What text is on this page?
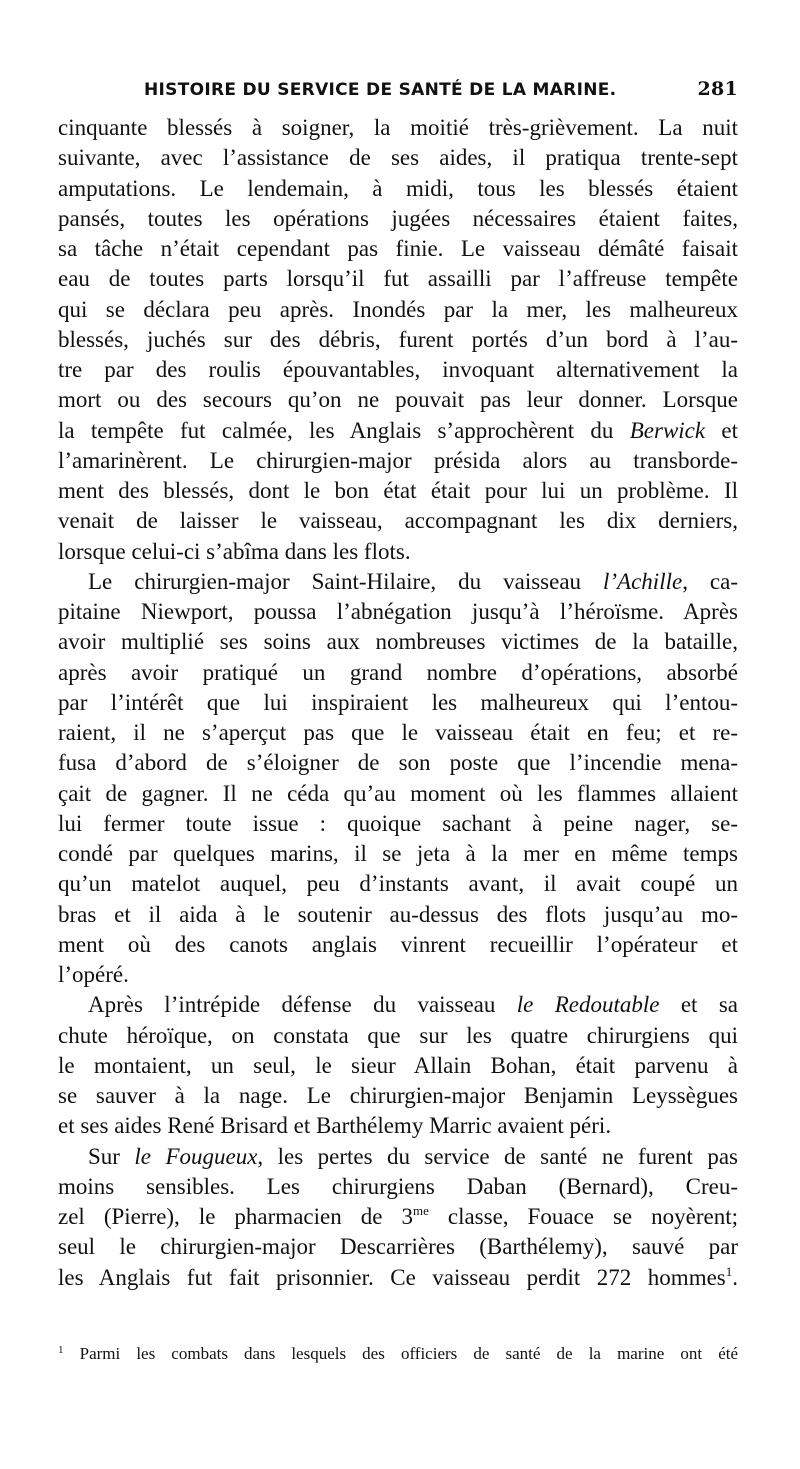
HISTOIRE DU SERVICE DE SANTÉ DE LA MARINE.	281
cinquante blessés à soigner, la moitié très-grièvement. La nuit
suivante, avec l’assistance de ses aides, il pratiqua trente-sept
amputations. Le lendemain, à midi, tous les blessés étaient
pansés, toutes les opérations jugées nécessaires étaient faites,
sa tâche n’était cependant pas finie. Le vaisseau démâté faisait
eau de toutes parts lorsqu’il fut assailli par l’affreuse tempête
qui se déclara peu après. Inondés par la mer, les malheureux
blessés, juchés sur des débris, furent portés d’un bord à l’au-
tre par des roulis épouvantables, invoquant alternativement la
mort ou des secours qu’on ne pouvait pas leur donner. Lorsque
la tempête fut calmée, les Anglais s’approchèrent du Berwick et
l’amarinèrent. Le chirurgien-major présida alors au transborde-
ment des blessés, dont le bon état était pour lui un problème. Il
venait de laisser le vaisseau, accompagnant les dix derniers,
lorsque celui-ci s’abîma dans les flots.
Le chirurgien-major Saint-Hilaire, du vaisseau l’Achille, ca-
pitaine Niewport, poussa l’abnégation jusqu’à l’héroïsme. Après
avoir multiplié ses soins aux nombreuses victimes de la bataille,
après avoir pratiqué un grand nombre d’opérations, absorbé
par l’intérêt que lui inspiraient les malheureux qui l’entou-
raient, il ne s’aperçut pas que le vaisseau était en feu; et re-
fusa d’abord de s’éloigner de son poste que l’incendie mena-
çait de gagner. Il ne céda qu’au moment où les flammes allaient
lui fermer toute issue : quoique sachant à peine nager, se-
condé par quelques marins, il se jeta à la mer en même temps
qu’un matelot auquel, peu d’instants avant, il avait coupé un
bras et il aida à le soutenir au-dessus des flots jusqu’au mo-
ment où des canots anglais vinrent recueillir l’opérateur et
l’opéré.
Après l’intrépide défense du vaisseau le Redoutable et sa
chute héroïque, on constata que sur les quatre chirurgiens qui
le montaient, un seul, le sieur Allain Bohan, était parvenu à
se sauver à la nage. Le chirurgien-major Benjamin Leyssègues
et ses aides René Brisard et Barthélemy Marric avaient péri.
Sur le Fougueux, les pertes du service de santé ne furent pas
moins sensibles. Les chirurgiens Daban (Bernard), Creu-
zel (Pierre), le pharmacien de $3^{me}$ classe, Fouace se noyèrent;
seul le chirurgien-major Descarrières (Barthélemy), sauvé par
les Anglais fut fait prisonnier. Ce vaisseau perdit 272 hommes$^1$.
$^1$ Parmi les combats dans lesquels des officiers de santé de la marine ont été
